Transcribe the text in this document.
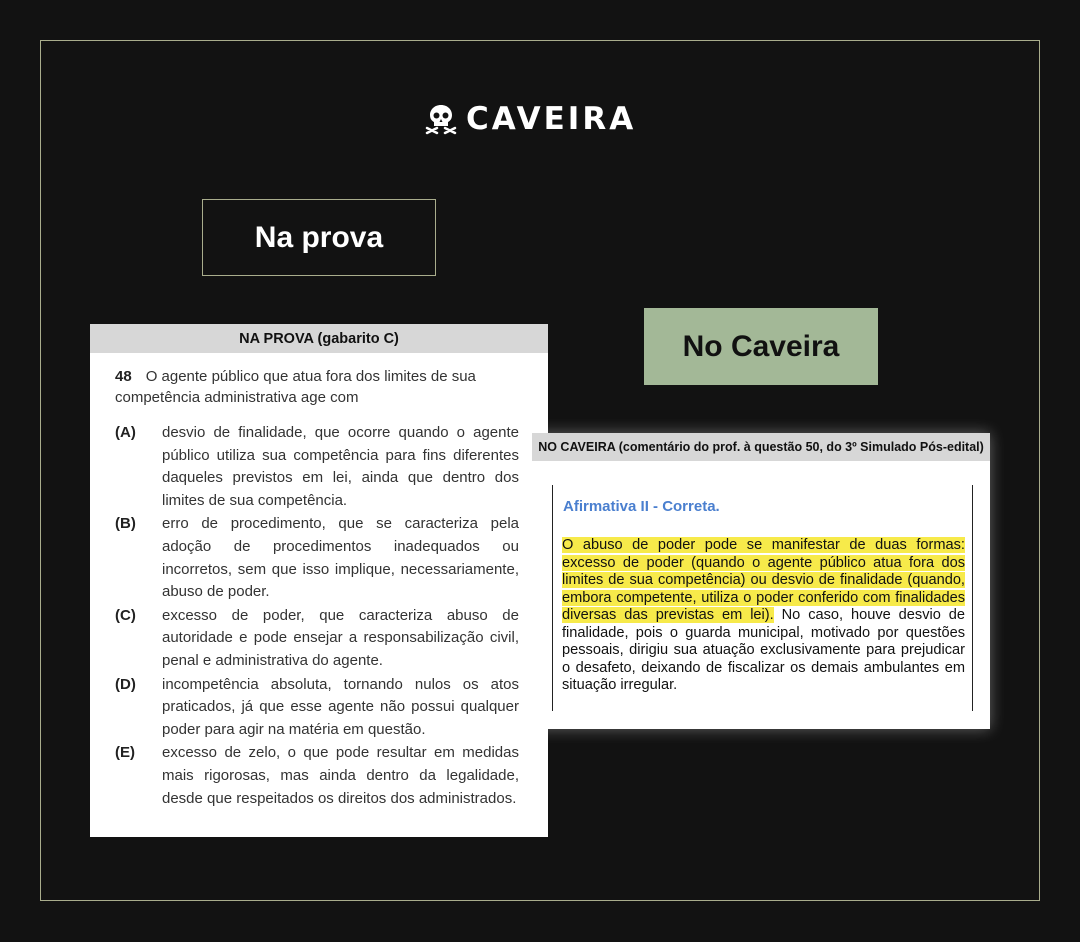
CAVEIRA
Na prova
No Caveira
NA PROVA (gabarito C)
48 O agente público que atua fora dos limites de sua competência administrativa age com
(A)	desvio de finalidade, que ocorre quando o agente público utiliza sua competência para fins diferentes daqueles previstos em lei, ainda que dentro dos limites de sua competência.
(B)	erro de procedimento, que se caracteriza pela adoção de procedimentos inadequados ou incorretos, sem que isso implique, necessariamente, abuso de poder.
(C)	excesso de poder, que caracteriza abuso de autoridade e pode ensejar a responsabilização civil, penal e administrativa do agente.
(D)	incompetência absoluta, tornando nulos os atos praticados, já que esse agente não possui qualquer poder para agir na matéria em questão.
(E)	excesso de zelo, o que pode resultar em medidas mais rigorosas, mas ainda dentro da legalidade, desde que respeitados os direitos dos administrados.
NO CAVEIRA (comentário do prof. à questão 50, do 3º Simulado Pós-edital)
Afirmativa II - Correta.
O abuso de poder pode se manifestar de duas formas: excesso de poder (quando o agente público atua fora dos limites de sua competência) ou desvio de finalidade (quando, embora competente, utiliza o poder conferido com finalidades diversas das previstas em lei). No caso, houve desvio de finalidade, pois o guarda municipal, motivado por questões pessoais, dirigiu sua atuação exclusivamente para prejudicar o desafeto, deixando de fiscalizar os demais ambulantes em situação irregular.
